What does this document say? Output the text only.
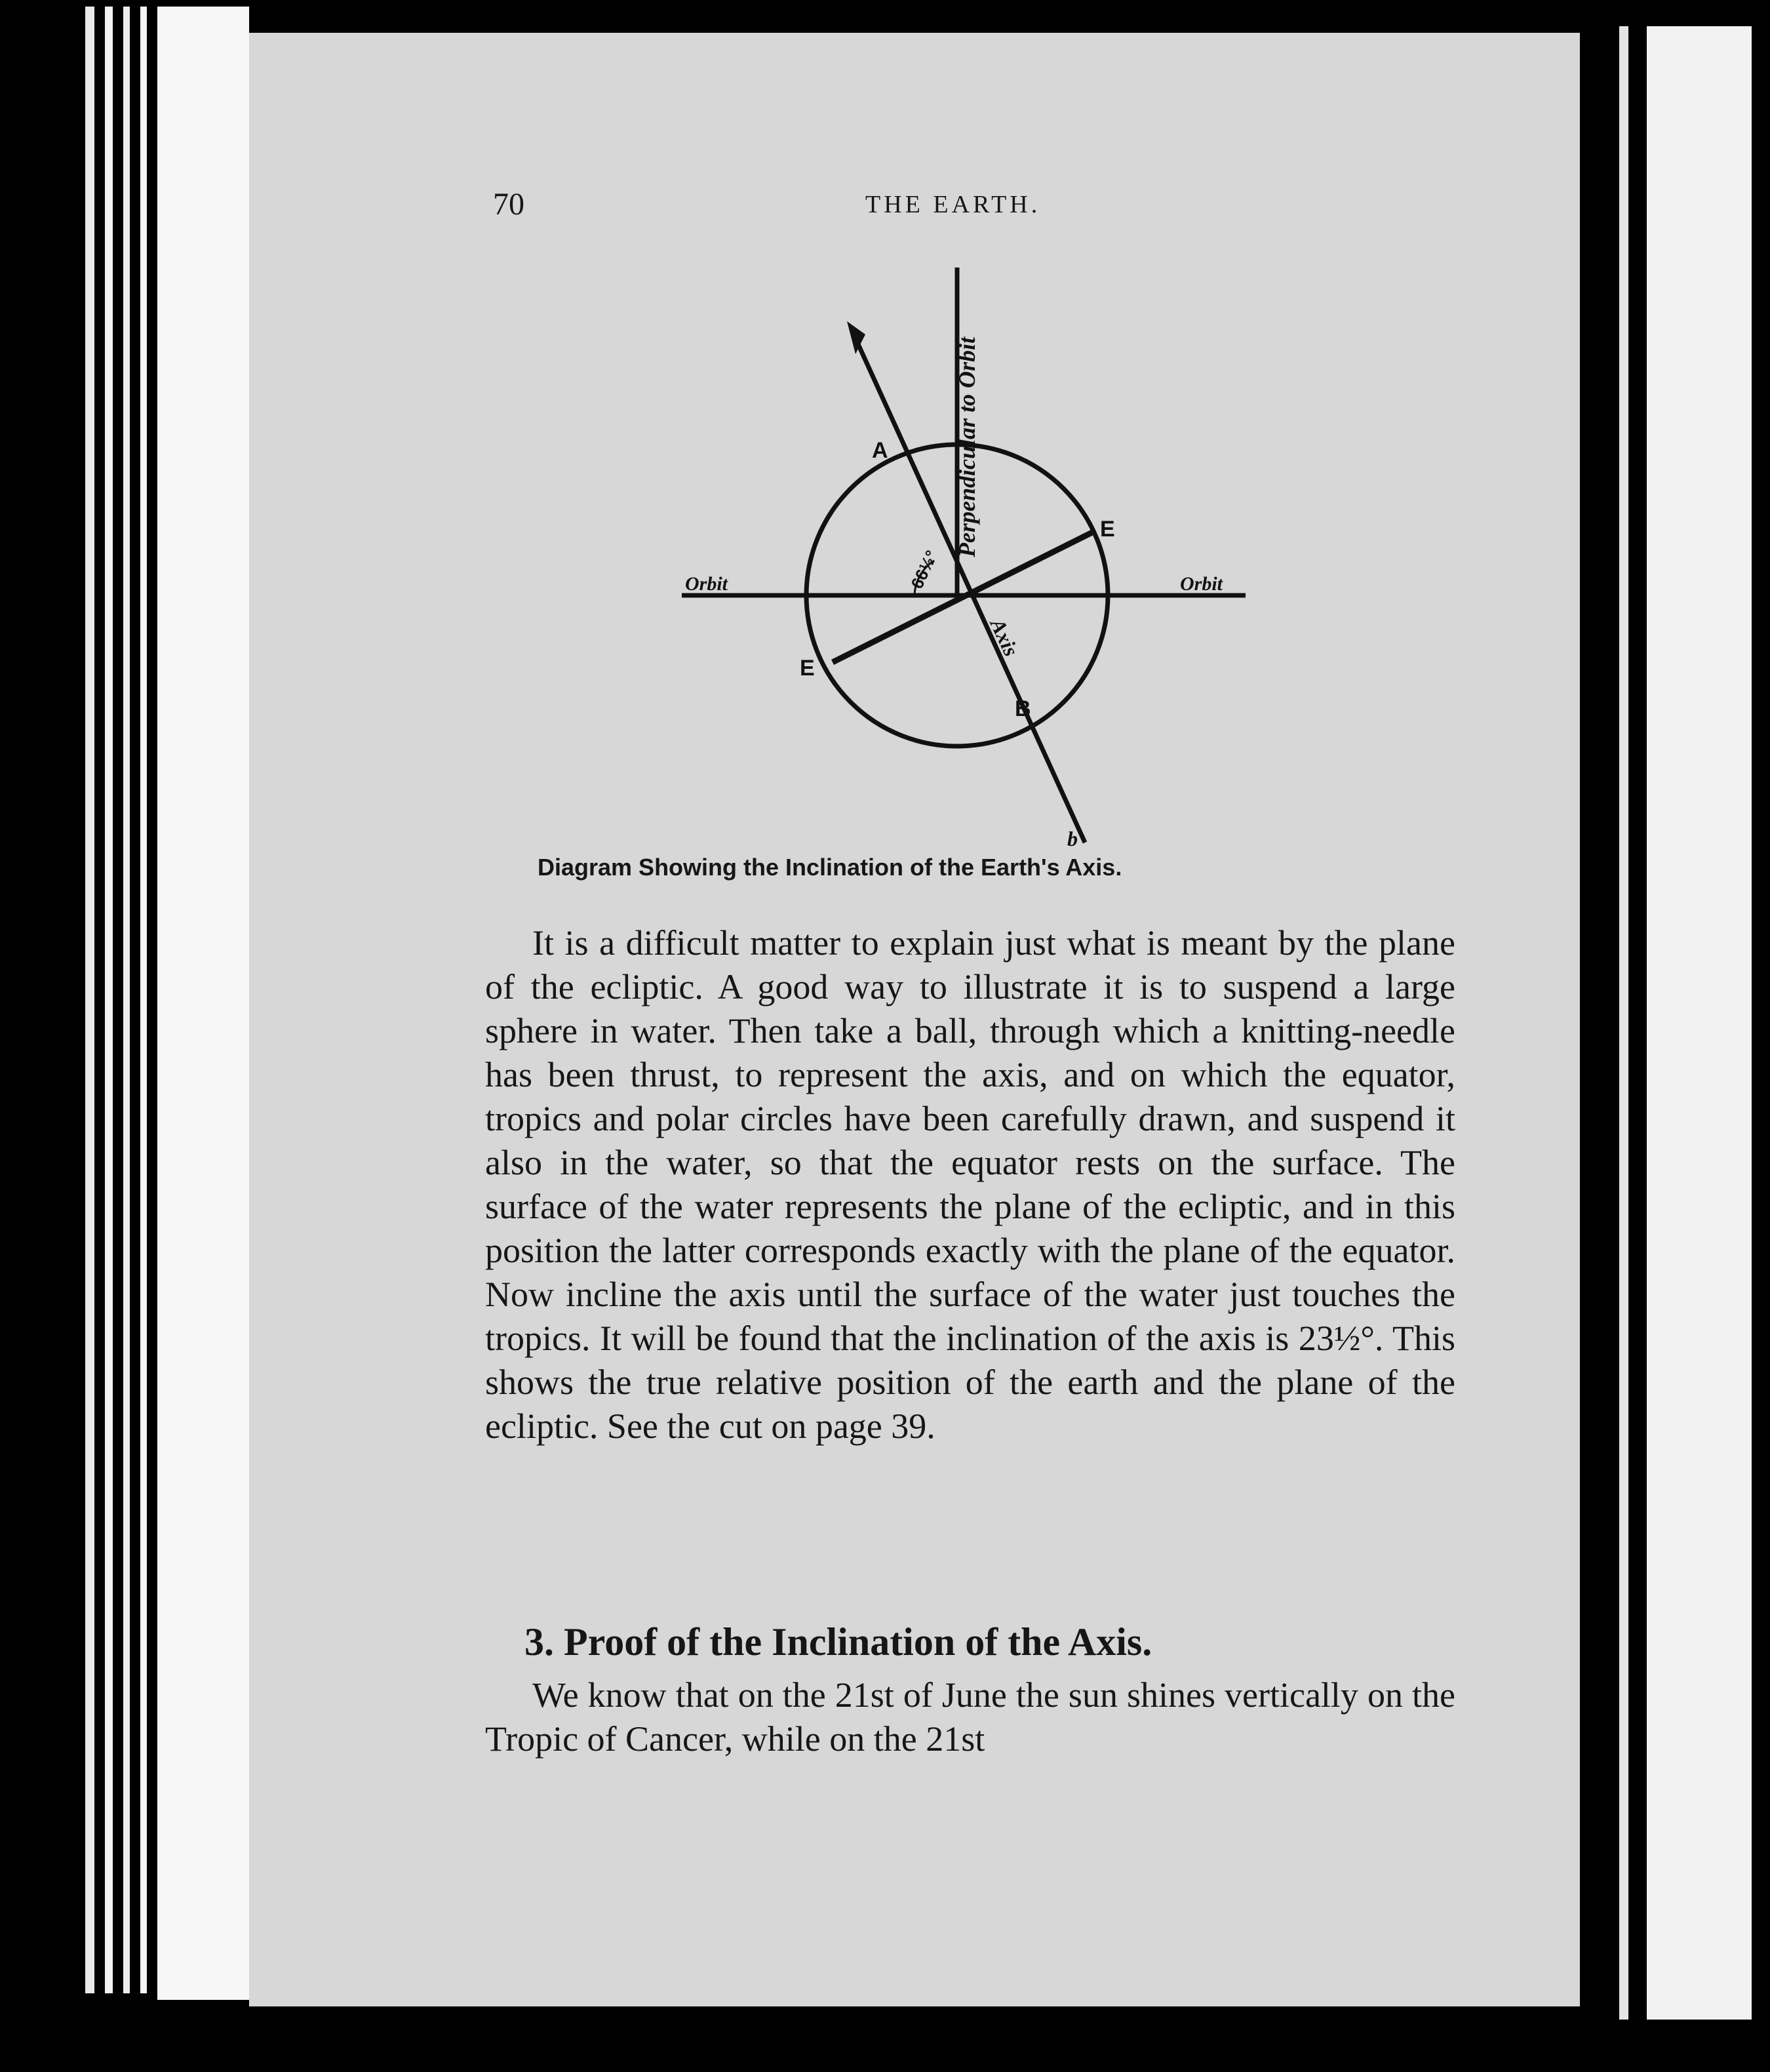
70	THE EARTH.
Perpendicular to Orbit
Orbit	Orbit
Axis
66½°
A
B
E
E
b
Diagram Showing the Inclination of the Earth's Axis.

It is a difficult matter to explain just what is meant by the plane of the ecliptic. A good way to illustrate it is to suspend a large sphere in water. Then take a ball, through which a knitting-needle has been thrust, to represent the axis, and on which the equator, tropics and polar circles have been carefully drawn, and suspend it also in the water, so that the equator rests on the surface. The surface of the water represents the plane of the ecliptic, and in this position the latter corresponds exactly with the plane of the equator. Now incline the axis until the surface of the water just touches the tropics. It will be found that the inclination of the axis is 23½°. This shows the true relative position of the earth and the plane of the ecliptic. See the cut on page 39.

3. Proof of the Inclination of the Axis.

We know that on the 21st of June the sun shines vertically on the Tropic of Cancer, while on the 21st
